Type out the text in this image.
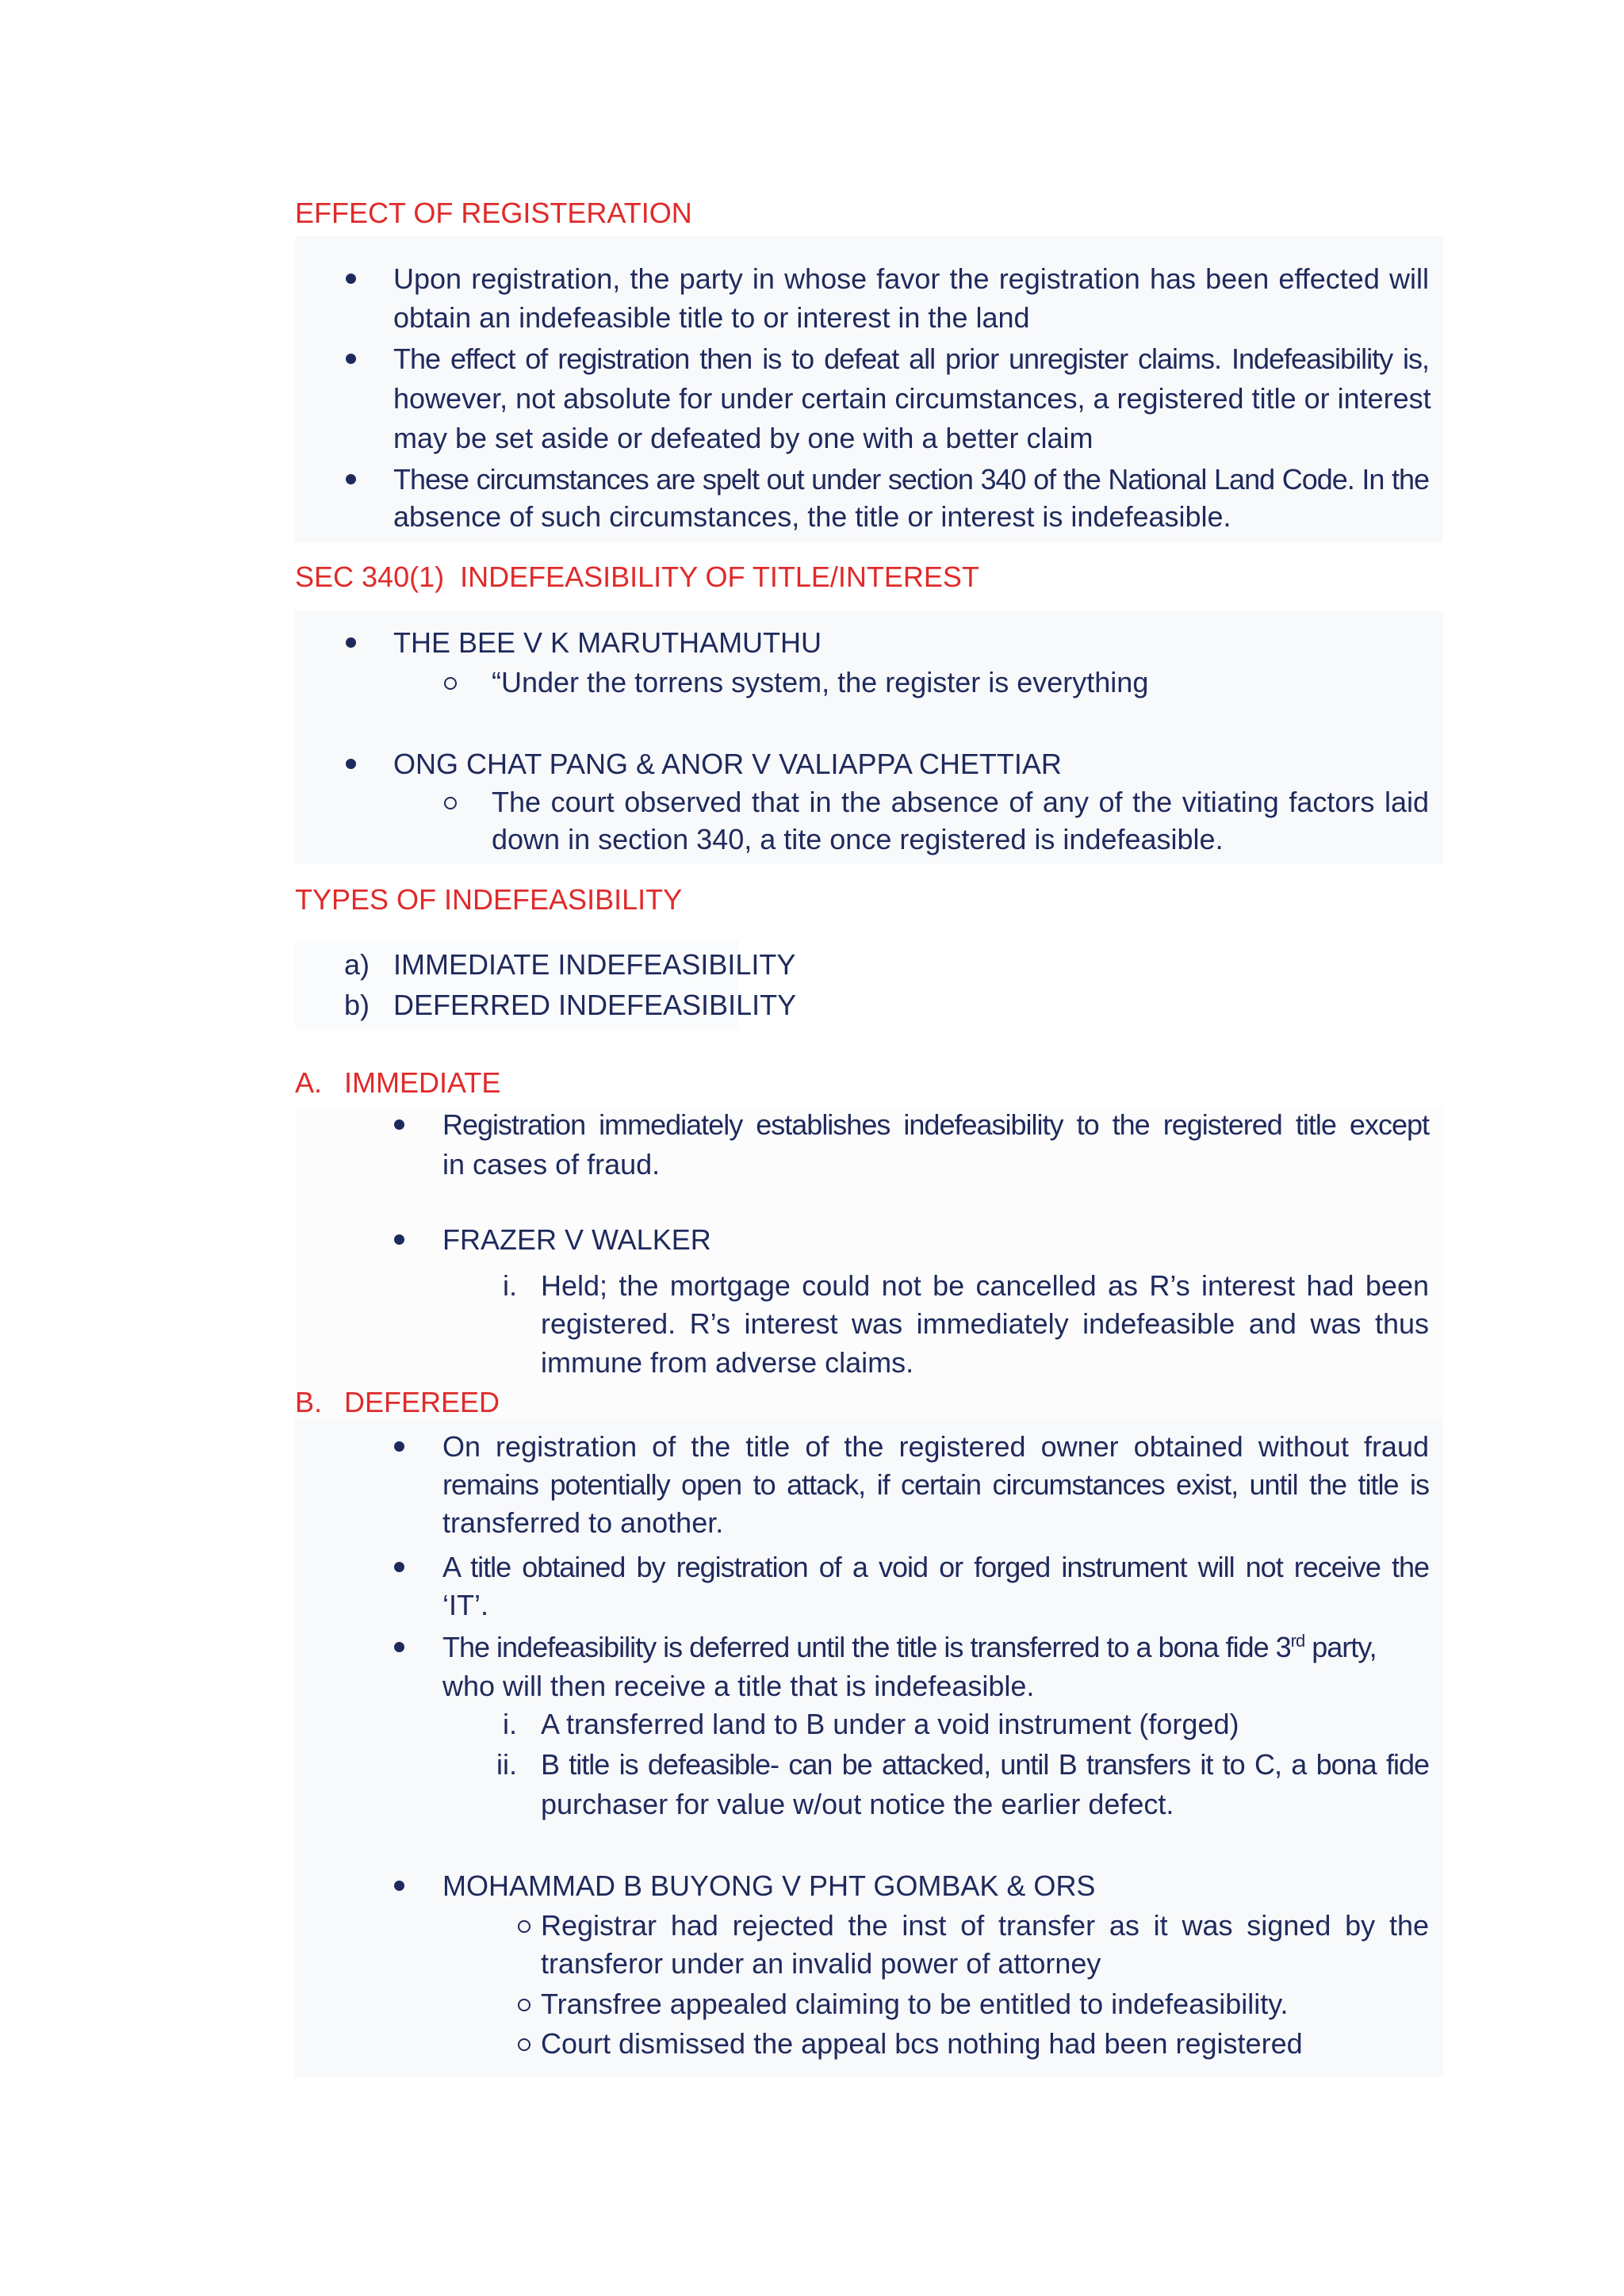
EFFECT OF REGISTERATION
Upon registration, the party in whose favor the registration has been effected will
obtain an indefeasible title to or interest in the land
The effect of registration then is to defeat all prior unregister claims. Indefeasibility is,
however, not absolute for under certain circumstances, a registered title or interest
may be set aside or defeated by one with a better claim
These circumstances are spelt out under section 340 of the National Land Code. In the
absence of such circumstances, the title or interest is indefeasible.
SEC 340(1)  INDEFEASIBILITY OF TITLE/INTEREST
THE BEE V K MARUTHAMUTHU
“Under the torrens system, the register is everything
ONG CHAT PANG & ANOR V VALIAPPA CHETTIAR
The court observed that in the absence of any of the vitiating factors laid
down in section 340, a tite once registered is indefeasible.
TYPES OF INDEFEASIBILITY
a) IMMEDIATE INDEFEASIBILITY
b) DEFERRED INDEFEASIBILITY
A. IMMEDIATE
Registration immediately establishes indefeasibility to the registered title except
in cases of fraud.
FRAZER V WALKER
i. Held; the mortgage could not be cancelled as R’s interest had been
registered. R’s interest was immediately indefeasible and was thus
immune from adverse claims.
B. DEFEREED
On registration of the title of the registered owner obtained without fraud
remains potentially open to attack, if certain circumstances exist, until the title is
transferred to another.
A title obtained by registration of a void or forged instrument will not receive the
‘IT’.
The indefeasibility is deferred until the title is transferred to a bona fide 3rd party,
who will then receive a title that is indefeasible.
i. A transferred land to B under a void instrument (forged)
ii. B title is defeasible- can be attacked, until B transfers it to C, a bona fide
purchaser for value w/out notice the earlier defect.
MOHAMMAD B BUYONG V PHT GOMBAK & ORS
Registrar had rejected the inst of transfer as it was signed by the
transferor under an invalid power of attorney
Transfree appealed claiming to be entitled to indefeasibility.
Court dismissed the appeal bcs nothing had been registered
